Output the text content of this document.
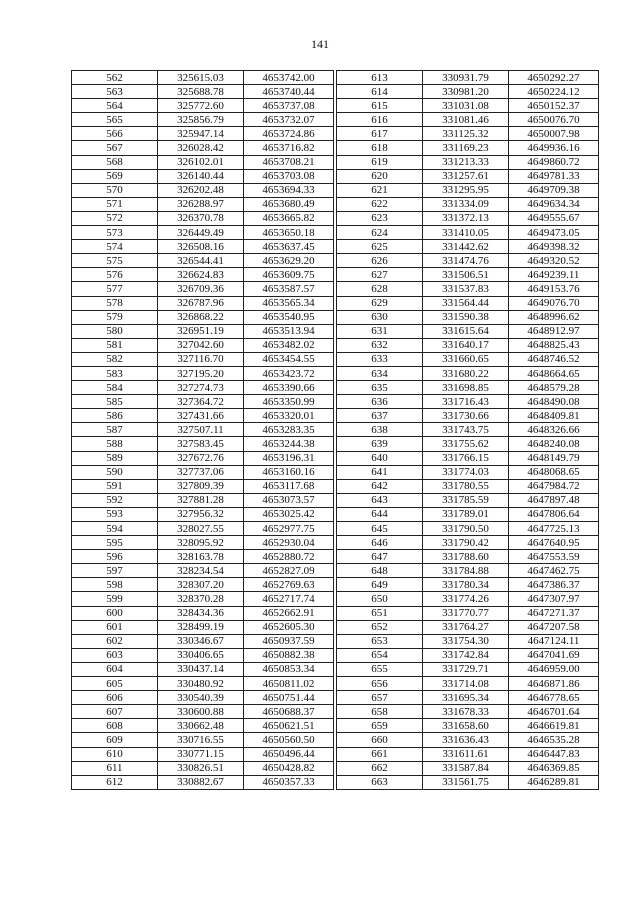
141
562	325615.03	4653742.00
563	325688.78	4653740.44
564	325772.60	4653737.08
565	325856.79	4653732.07
566	325947.14	4653724.86
567	326028.42	4653716.82
568	326102.01	4653708.21
569	326140.44	4653703.08
570	326202.48	4653694.33
571	326288.97	4653680.49
572	326370.78	4653665.82
573	326449.49	4653650.18
574	326508.16	4653637.45
575	326544.41	4653629.20
576	326624.83	4653609.75
577	326709.36	4653587.57
578	326787.96	4653565.34
579	326868.22	4653540.95
580	326951.19	4653513.94
581	327042.60	4653482.02
582	327116.70	4653454.55
583	327195.20	4653423.72
584	327274.73	4653390.66
585	327364.72	4653350.99
586	327431.66	4653320.01
587	327507.11	4653283.35
588	327583.45	4653244.38
589	327672.76	4653196.31
590	327737.06	4653160.16
591	327809.39	4653117.68
592	327881.28	4653073.57
593	327956.32	4653025.42
594	328027.55	4652977.75
595	328095.92	4652930.04
596	328163.78	4652880.72
597	328234.54	4652827.09
598	328307.20	4652769.63
599	328370.28	4652717.74
600	328434.36	4652662.91
601	328499.19	4652605.30
602	330346.67	4650937.59
603	330406.65	4650882.38
604	330437.14	4650853.34
605	330480.92	4650811.02
606	330540.39	4650751.44
607	330600.88	4650688.37
608	330662.48	4650621.51
609	330716.55	4650560.50
610	330771.15	4650496.44
611	330826.51	4650428.82
612	330882.67	4650357.33
613	330931.79	4650292.27
614	330981.20	4650224.12
615	331031.08	4650152.37
616	331081.46	4650076.70
617	331125.32	4650007.98
618	331169.23	4649936.16
619	331213.33	4649860.72
620	331257.61	4649781.33
621	331295.95	4649709.38
622	331334.09	4649634.34
623	331372.13	4649555.67
624	331410.05	4649473.05
625	331442.62	4649398.32
626	331474.76	4649320.52
627	331506.51	4649239.11
628	331537.83	4649153.76
629	331564.44	4649076.70
630	331590.38	4648996.62
631	331615.64	4648912.97
632	331640.17	4648825.43
633	331660.65	4648746.52
634	331680.22	4648664.65
635	331698.85	4648579.28
636	331716.43	4648490.08
637	331730.66	4648409.81
638	331743.75	4648326.66
639	331755.62	4648240.08
640	331766.15	4648149.79
641	331774.03	4648068.65
642	331780.55	4647984.72
643	331785.59	4647897.48
644	331789.01	4647806.64
645	331790.50	4647725.13
646	331790.42	4647640.95
647	331788.60	4647553.59
648	331784.88	4647462.75
649	331780.34	4647386.37
650	331774.26	4647307.97
651	331770.77	4647271.37
652	331764.27	4647207.58
653	331754.30	4647124.11
654	331742.84	4647041.69
655	331729.71	4646959.00
656	331714.08	4646871.86
657	331695.34	4646778.65
658	331678.33	4646701.64
659	331658.60	4646619.81
660	331636.43	4646535.28
661	331611.61	4646447.83
662	331587.84	4646369.85
663	331561.75	4646289.81
